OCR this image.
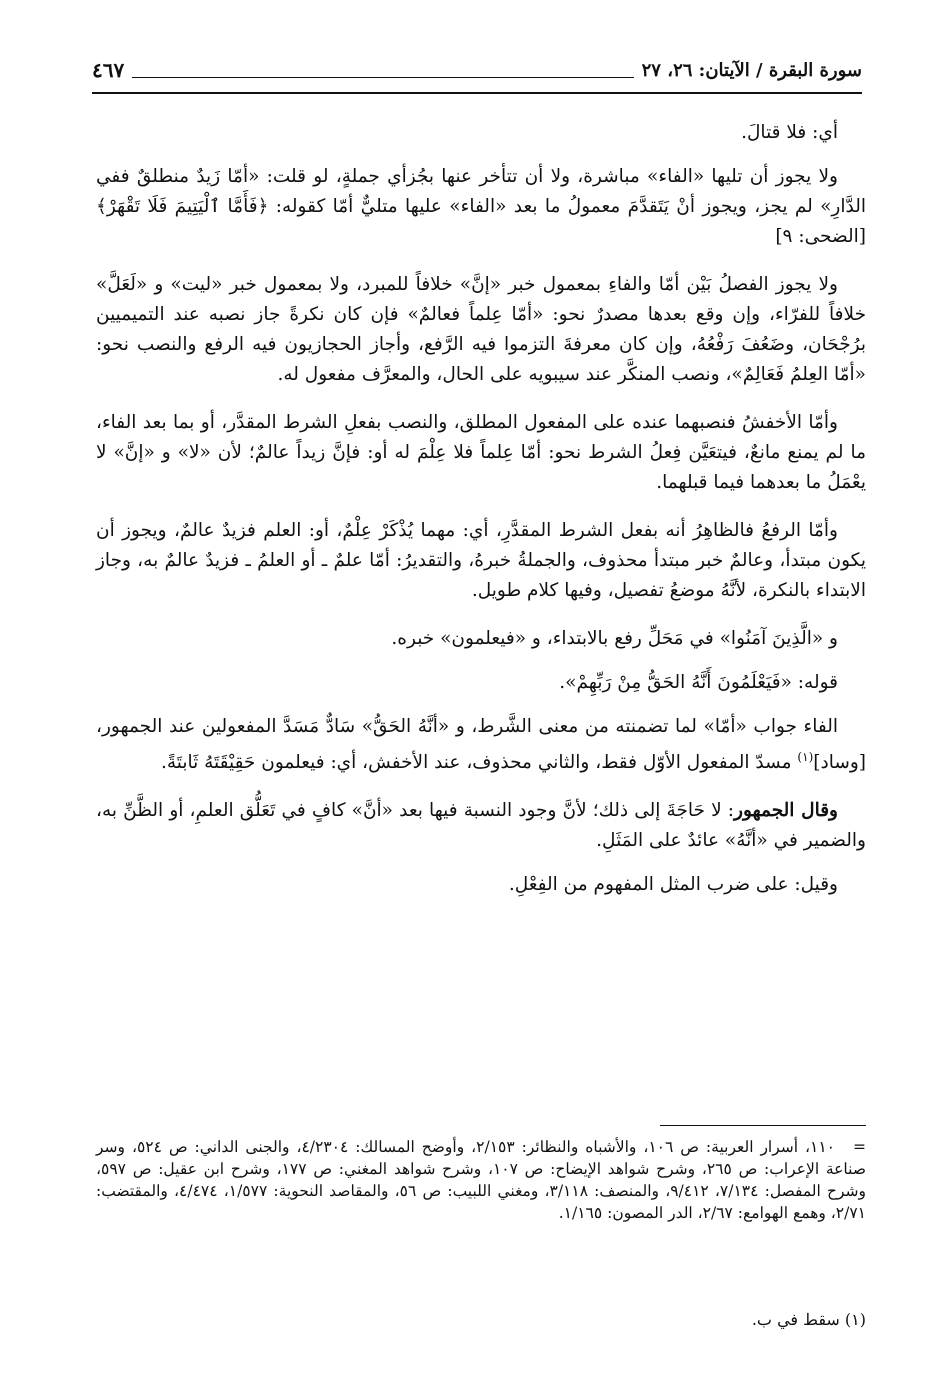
سورة البقرة / الآيتان: ٢٦، ٢٧
٤٦٧

أي: فلا قتالَ.

ولا يجوز أن تليها «الفاء» مباشرة، ولا أن تتأخر عنها بجُزأي جملةٍ، لو قلت: «أمّا زَيدٌ منطلقٌ ففي الدَّارِ» لم يجز، ويجوز أنْ يَتَقدَّمَ معمولُ ما بعد «الفاء» عليها متليٌّ أمّا كقوله: ﴿فَأَمَّا ٱلْيَتِيمَ فَلَا تَقْهَرْ﴾ [الضحى: ٩]

ولا يجوز الفصلُ بَيْن أمّا والفاءِ بمعمول خبر «إنَّ» خلافاً للمبرد، ولا بمعمول خبر «ليت» و «لَعَلَّ» خلافاً للفرّاء، وإن وقع بعدها مصدرٌ نحو: «أمّا عِلماً فعالمٌ» فإن كان نكرةً جاز نصبه عند التميميين برُجْحَان، وضَعُفَ رَفْعُهُ، وإن كان معرفةَ التزموا فيه الرَّفع، وأجاز الحجازيون فيه الرفع والنصب نحو: «أمّا العِلمُ فَعَالِمٌ»، ونصب المنكَّر عند سيبويه على الحال، والمعرَّف مفعول له.

وأمّا الأخفشُ فنصبهما عنده على المفعول المطلق، والنصب بفعلِ الشرط المقدَّر، أو بما بعد الفاء، ما لم يمنع مانعٌ، فيتعَيَّن فِعلُ الشرط نحو: أمّا عِلماً فلا عِلْمَ له أو: فإنَّ زيداً عالمٌ؛ لأن «لا» و «إنَّ» لا يعْمَلُ ما بعدهما فيما قبلهما.

وأمّا الرفعُ فالظاهِرُ أنه بفعل الشرط المقدَّرِ، أي: مهما يُذْكَرْ عِلْمٌ، أو: العلم فزيدٌ عالمٌ، ويجوز أن يكون مبتدأ، وعالمٌ خبر مبتدأ محذوف، والجملةُ خبرهُ، والتقديرُ: أمّا علمٌ ـ أو العلمُ ـ فزيدٌ عالمٌ به، وجاز الابتداء بالنكرة، لأنَّهُ موضعُ تفصيل، وفيها كلام طويل.

و «الَّذِينَ آمَنُوا» في مَحَلِّ رفع بالابتداء، و «فيعلمون» خبره.

قوله: «فَيَعْلَمُونَ أَنَّهُ الحَقُّ مِنْ رَبِّهِمْ».

الفاء جواب «أمّا» لما تضمنته من معنى الشَّرط، و «أنَّهُ الحَقُّ» سَادٌّ مَسَدَّ المفعولين عند الجمهور، [وساد]$^{(١)}$ مسدّ المفعول الأوّل فقط، والثاني محذوف، عند الأخفش، أي: فيعلمون حَقِيْقَتَهُ ثَابتَةً.

وقال الجمهور: لا حَاجَةَ إلى ذلك؛ لأنَّ وجود النسبة فيها بعد «أنَّ» كافٍ في تَعَلُّق العلمِ، أو الظَّنِّ به، والضمير في «أنَّهُ» عائدٌ على المَثَلِ.

وقيل: على ضرب المثل المفهوم من الفِعْلِ.

=١١٠، أسرار العربية: ص ١٠٦، والأشباه والنظائر: ٢/١٥٣، وأوضح المسالك: ٤/٢٣٠٤، والجنى الداني: ص ٥٢٤، وسر صناعة الإعراب: ص ٢٦٥، وشرح شواهد الإيضاح: ص ١٠٧، وشرح شواهد المغني: ص ١٧٧، وشرح ابن عقيل: ص ٥٩٧، وشرح المفصل: ٧/١٣٤، ٩/٤١٢، والمنصف: ٣/١١٨، ومغني اللبيب: ص ٥٦، والمقاصد النحوية: ١/٥٧٧، ٤/٤٧٤، والمقتضب: ٢/٧١، وهمع الهوامع: ٢/٦٧، الدر المصون: ١/١٦٥.

(١) سقط في ب.
